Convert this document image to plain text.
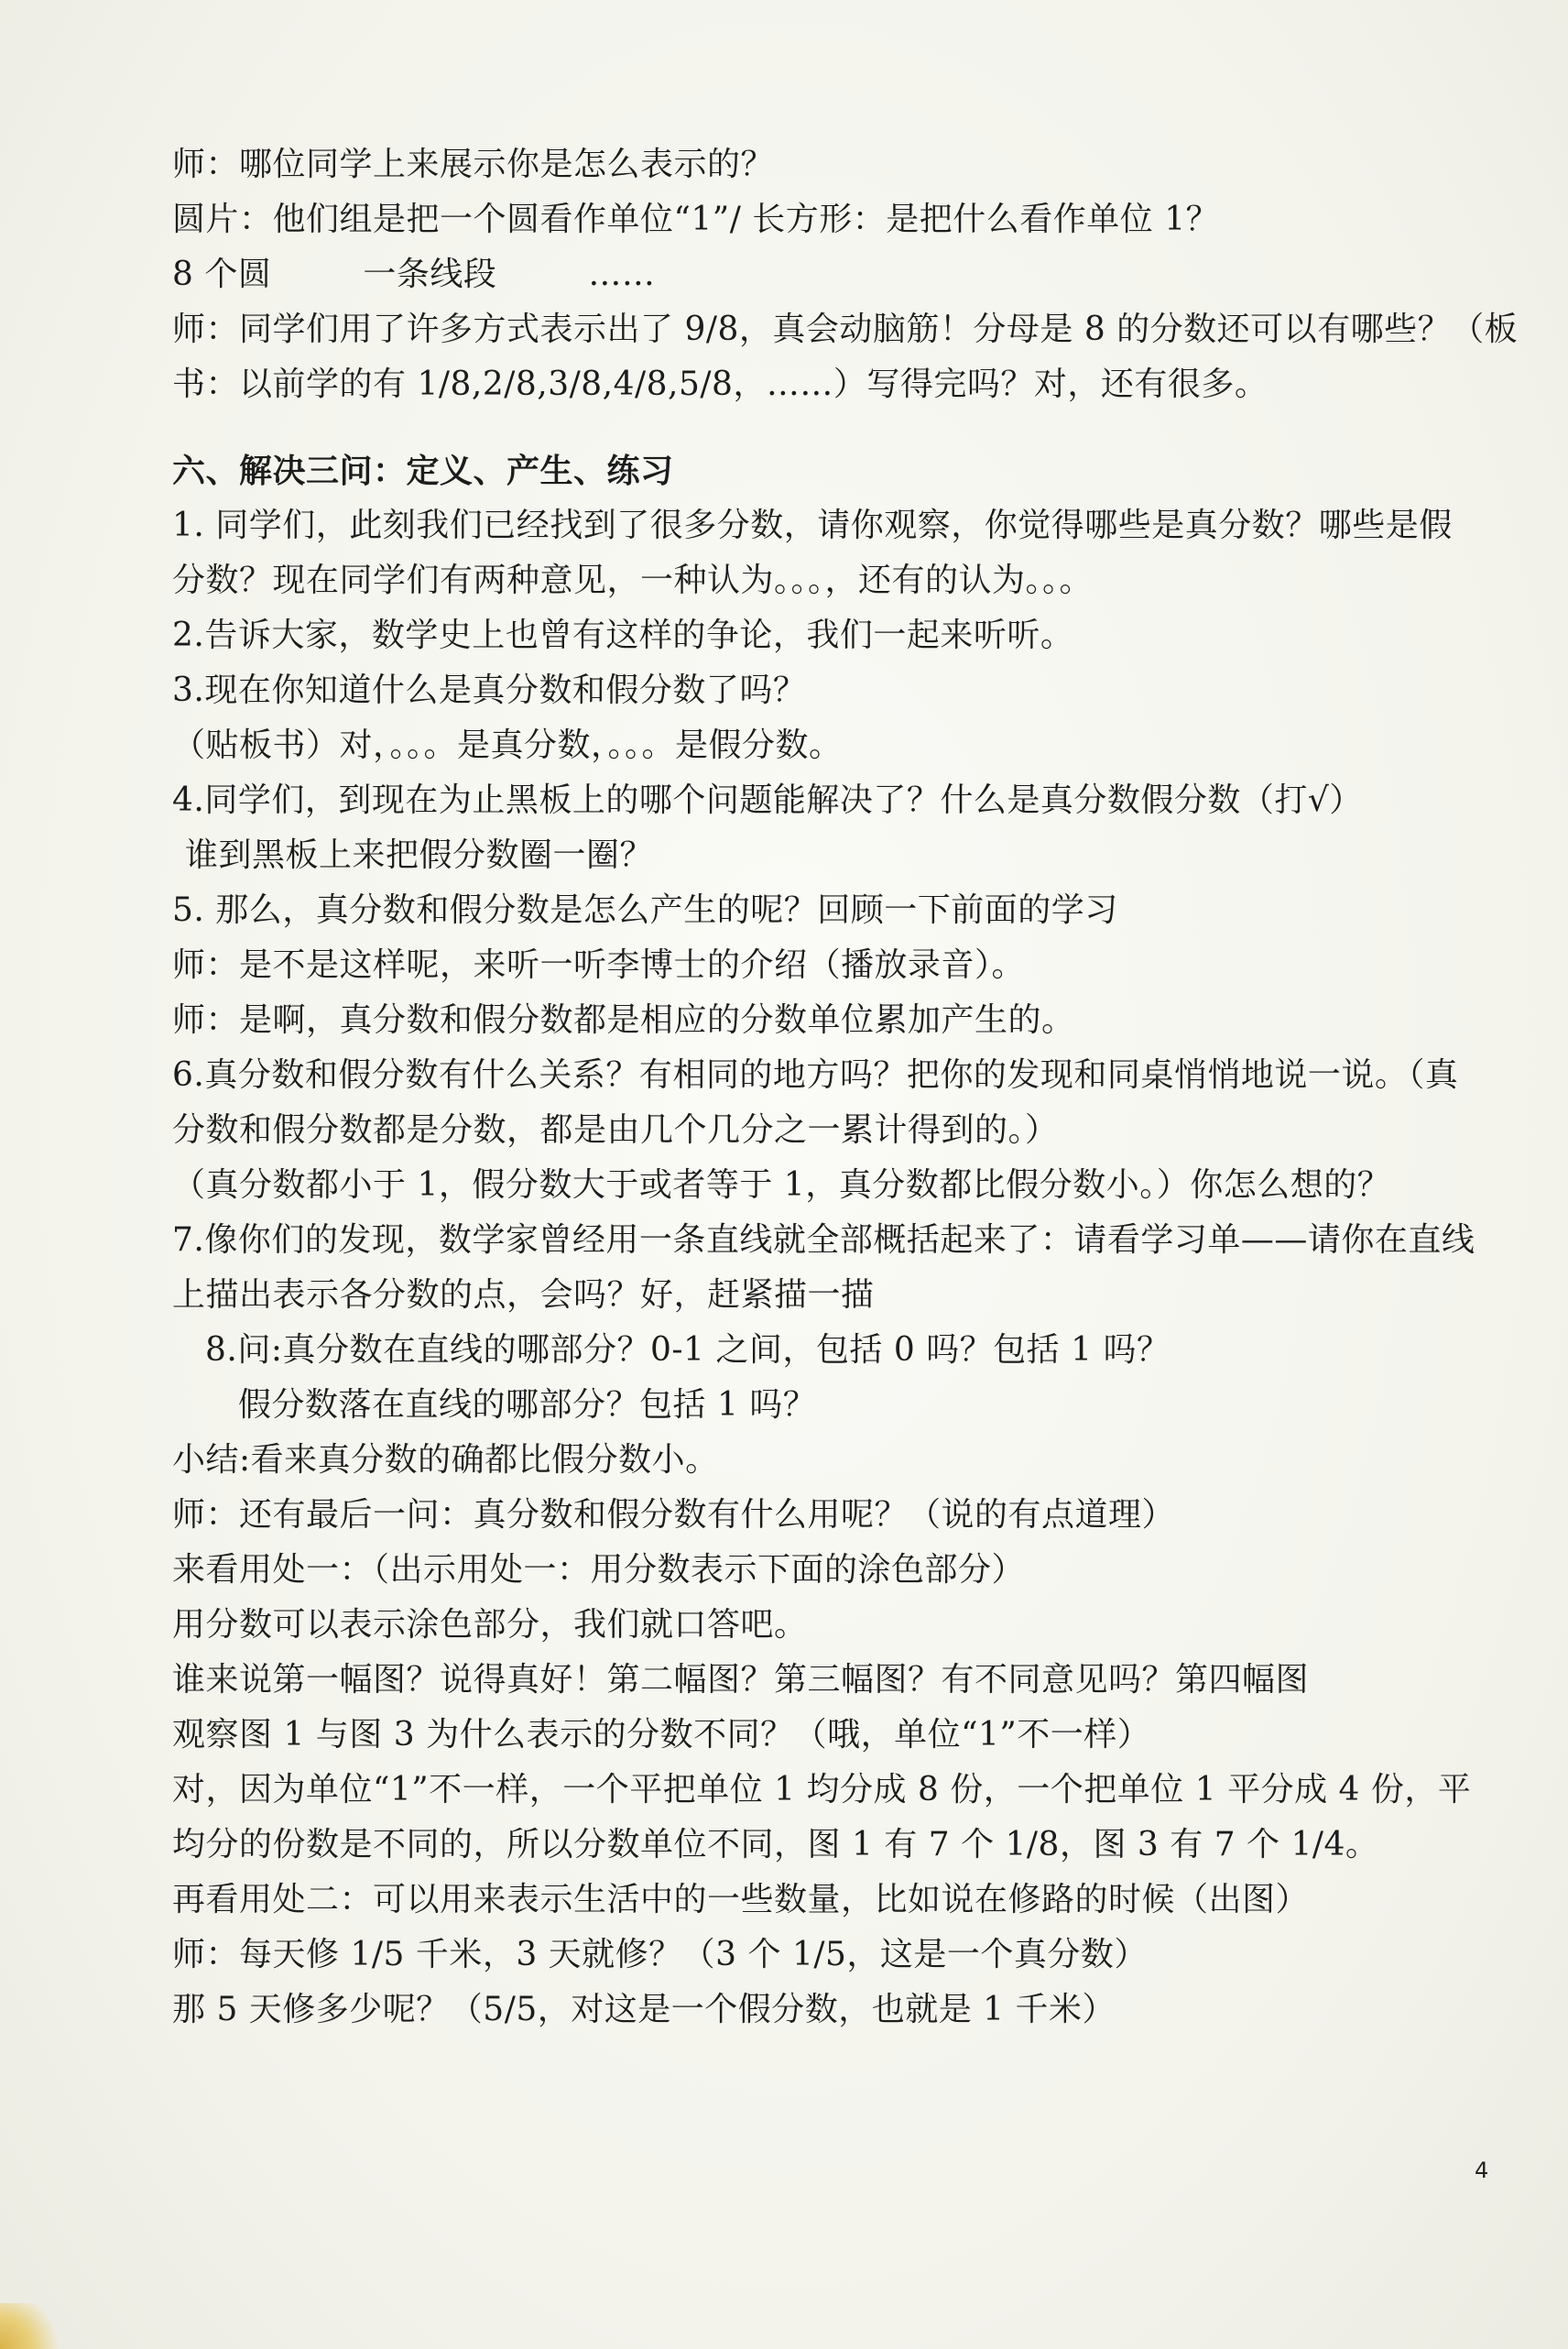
师：哪位同学上来展示你是怎么表示的？
圆片：他们组是把一个圆看作单位“1”/ 长方形：是把什么看作单位 1？
8 个圆	一条线段	……
师：同学们用了许多方式表示出了 9/8，真会动脑筋！分母是 8 的分数还可以有哪些？（板
书：以前学的有 1/8,2/8,3/8,4/8,5/8，……）写得完吗？对，还有很多。
六、解决三问：定义、产生、练习
1. 同学们，此刻我们已经找到了很多分数，请你观察，你觉得哪些是真分数？哪些是假
分数？现在同学们有两种意见，一种认为。。。，还有的认为。。。
2.告诉大家，数学史上也曾有这样的争论，我们一起来听听。
3.现在你知道什么是真分数和假分数了吗？
（贴板书）对，。。。是真分数，。。。是假分数。
4.同学们，到现在为止黑板上的哪个问题能解决了？什么是真分数假分数（打√）
谁到黑板上来把假分数圈一圈？
5. 那么，真分数和假分数是怎么产生的呢？回顾一下前面的学习
师：是不是这样呢，来听一听李博士的介绍（播放录音）。
师：是啊，真分数和假分数都是相应的分数单位累加产生的。
6.真分数和假分数有什么关系？有相同的地方吗？把你的发现和同桌悄悄地说一说。（真
分数和假分数都是分数，都是由几个几分之一累计得到的。）
（真分数都小于 1，假分数大于或者等于 1，真分数都比假分数小。）你怎么想的？
7.像你们的发现，数学家曾经用一条直线就全部概括起来了：请看学习单——请你在直线
上描出表示各分数的点，会吗？好，赶紧描一描
8.问:真分数在直线的哪部分？0-1 之间，包括 0 吗？包括 1 吗？
假分数落在直线的哪部分？包括 1 吗？
小结:看来真分数的确都比假分数小。
师：还有最后一问：真分数和假分数有什么用呢？（说的有点道理）
来看用处一：（出示用处一：用分数表示下面的涂色部分）
用分数可以表示涂色部分，我们就口答吧。
谁来说第一幅图？说得真好！第二幅图？第三幅图？有不同意见吗？第四幅图
观察图 1 与图 3 为什么表示的分数不同？（哦，单位“1”不一样）
对，因为单位“1”不一样，一个平把单位 1 均分成 8 份，一个把单位 1 平分成 4 份，平
均分的份数是不同的，所以分数单位不同，图 1 有 7 个 1/8，图 3 有 7 个 1/4。
再看用处二：可以用来表示生活中的一些数量，比如说在修路的时候（出图）
师：每天修 1/5 千米，3 天就修？（3 个 1/5，这是一个真分数）
那 5 天修多少呢？（5/5，对这是一个假分数，也就是 1 千米）
4
